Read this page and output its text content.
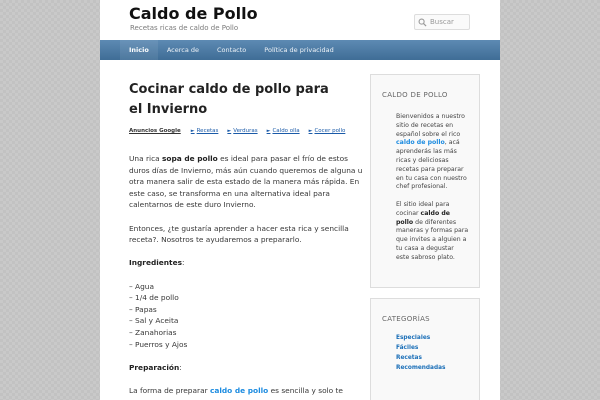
Caldo de Pollo
Recetas ricas de caldo de Pollo
Buscar
Inicio	Acerca de	Contacto	Política de privacidad
Cocinar caldo de pollo para
el Invierno
Anuncios Google ► Recetas ► Verduras ► Caldo olla ► Cocer pollo

Una rica sopa de pollo es ideal para pasar el frío de estos duros días de Invierno, más aún cuando queremos de alguna u otra manera salir de esta estado de la manera más rápida. En este caso, se transforma en una alternativa ideal para calentarnos de este duro Invierno.

Entonces, ¿te gustaría aprender a hacer esta rica y sencilla receta?. Nosotros te ayudaremos a prepararlo.

Ingredientes:

– Agua
– 1/4 de pollo
– Papas
– Sal y Aceita
– Zanahorias
– Puerros y Ajos

Preparación:

La forma de preparar caldo de pollo es sencilla y solo te

CALDO DE POLLO

Bienvenidos a nuestro sitio de recetas en español sobre el rico caldo de pollo, acá aprenderás las más ricas y deliciosas recetas para preparar en tu casa con nuestro chef profesional.

El sitio ideal para cocinar caldo de pollo de diferentes maneras y formas para que invites a alguien a tu casa a degustar este sabroso plato.

CATEGORÍAS
Especiales
Fáciles
Recetas
Recomendadas
